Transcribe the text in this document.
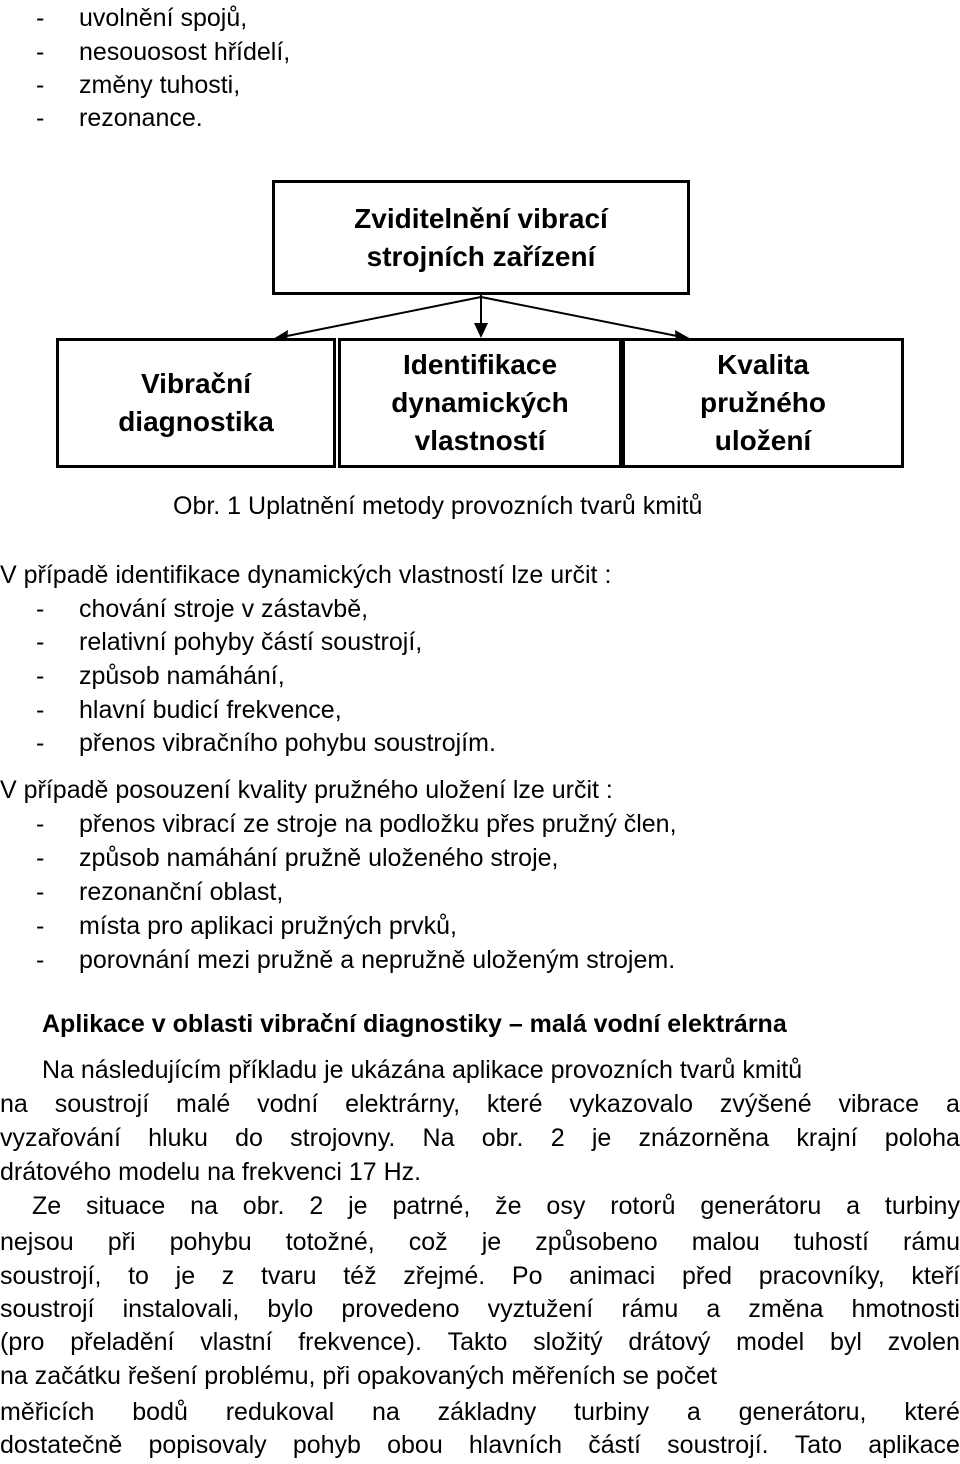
- uvolnění spojů,
- nesouosost hřídelí,
- změny tuhosti,
- rezonance.
Zviditelnění vibrací strojních zařízení
Vibrační diagnostika
Identifikace dynamických vlastností
Kvalita pružného uložení
Obr. 1 Uplatnění metody provozních tvarů kmitů
V případě identifikace dynamických vlastností lze určit :
- chování stroje v zástavbě,
- relativní pohyby částí soustrojí,
- způsob namáhání,
- hlavní budicí frekvence,
- přenos vibračního pohybu soustrojím.
V případě posouzení kvality pružného uložení lze určit :
- přenos vibrací ze stroje na podložku přes pružný člen,
- způsob namáhání pružně uloženého stroje,
- rezonanční oblast,
- místa pro aplikaci pružných prvků,
- porovnání mezi pružně a nepružně uloženým strojem.
Aplikace v oblasti vibrační diagnostiky – malá vodní elektrárna
Na následujícím příkladu je ukázána aplikace provozních tvarů kmitů
na soustrojí malé vodní elektrárny, které vykazovalo zvýšené vibrace a
vyzařování hluku do strojovny. Na obr. 2 je znázorněna krajní poloha
drátového modelu na frekvenci 17 Hz.
Ze situace na obr. 2 je patrné, že osy rotorů generátoru a turbiny
nejsou při pohybu totožné, což je způsobeno malou tuhostí rámu
soustrojí, to je z tvaru též zřejmé. Po animaci před pracovníky, kteří
soustrojí instalovali, bylo provedeno vyztužení rámu a změna hmotnosti
(pro přeladění vlastní frekvence). Takto složitý drátový model byl zvolen
na začátku řešení problému, při opakovaných měřeních se počet
měřicích bodů redukoval na základny turbiny a generátoru, které
dostatečně popisovaly pohyb obou hlavních částí soustrojí. Tato aplikace
